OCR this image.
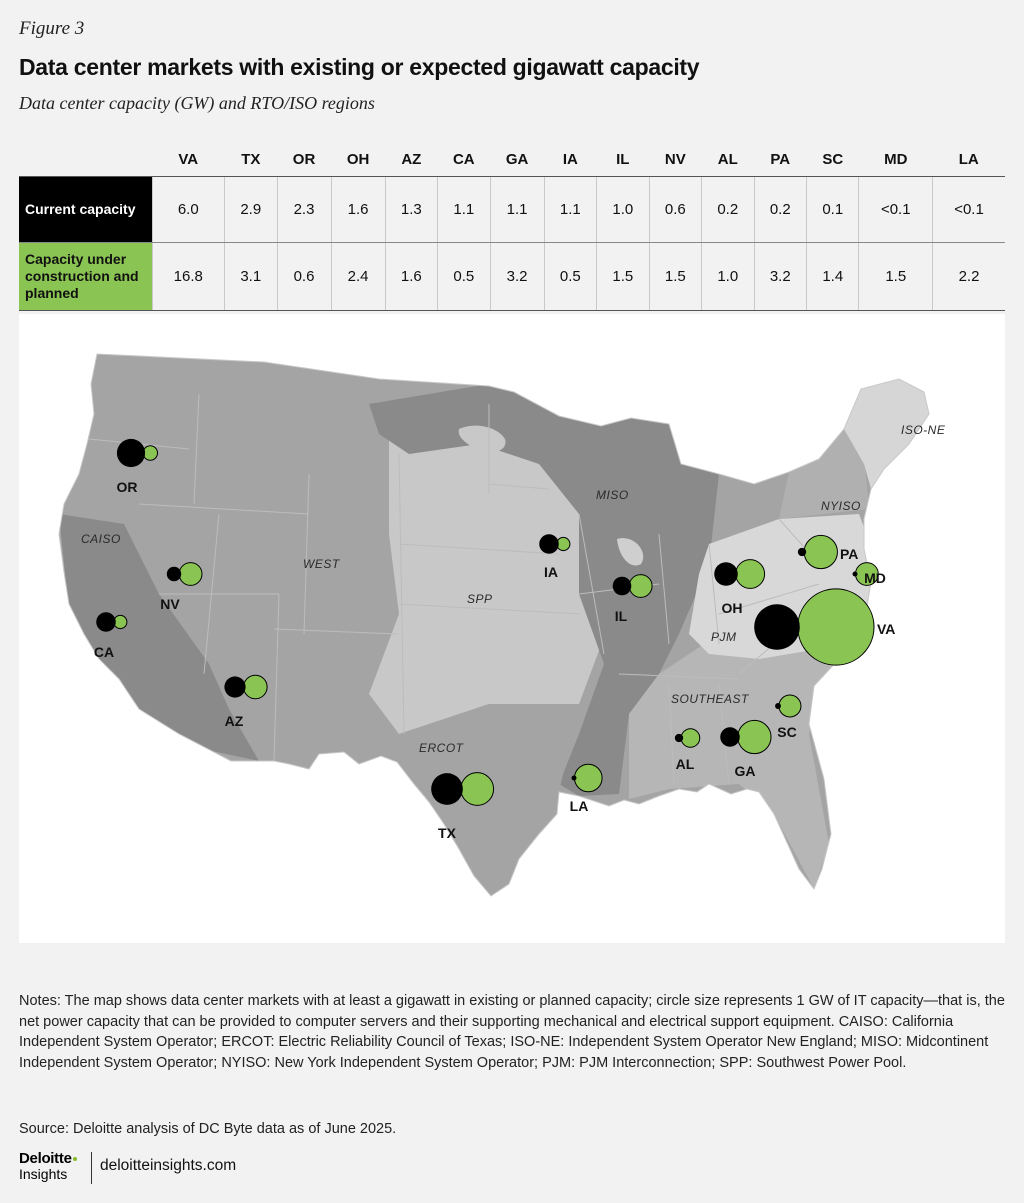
Figure 3
Data center markets with existing or expected gigawatt capacity
Data center capacity (GW) and RTO/ISO regions
	VA	TX	OR	OH	AZ	CA	GA	IA	IL	NV	AL	PA	SC	MD	LA
Current capacity	6.0	2.9	2.3	1.6	1.3	1.1	1.1	1.1	1.0	0.6	0.2	0.2	0.1	<0.1	<0.1
Capacity under construction and planned	16.8	3.1	0.6	2.4	1.6	0.5	3.2	0.5	1.5	1.5	1.0	3.2	1.4	1.5	2.2
CAISO
WEST
SPP
MISO
ERCOT
SOUTHEAST
PJM
NYISO
ISO-NE
OR
NV
CA
AZ
TX
IA
IL
LA
AL	GA
SC
OH
PA
MD
VA
Notes: The map shows data center markets with at least a gigawatt in existing or planned capacity; circle size represents 1 GW of IT capacity—that is, the net power capacity that can be provided to computer servers and their supporting mechanical and electrical support equipment. CAISO: California Independent System Operator; ERCOT: Electric Reliability Council of Texas; ISO-NE: Independent System Operator New England; MISO: Midcontinent Independent System Operator; NYISO: New York Independent System Operator; PJM: PJM Interconnection; SPP: Southwest Power Pool.
Source: Deloitte analysis of DC Byte data as of June 2025.
Deloitte
Insights	deloitteinsights.com
